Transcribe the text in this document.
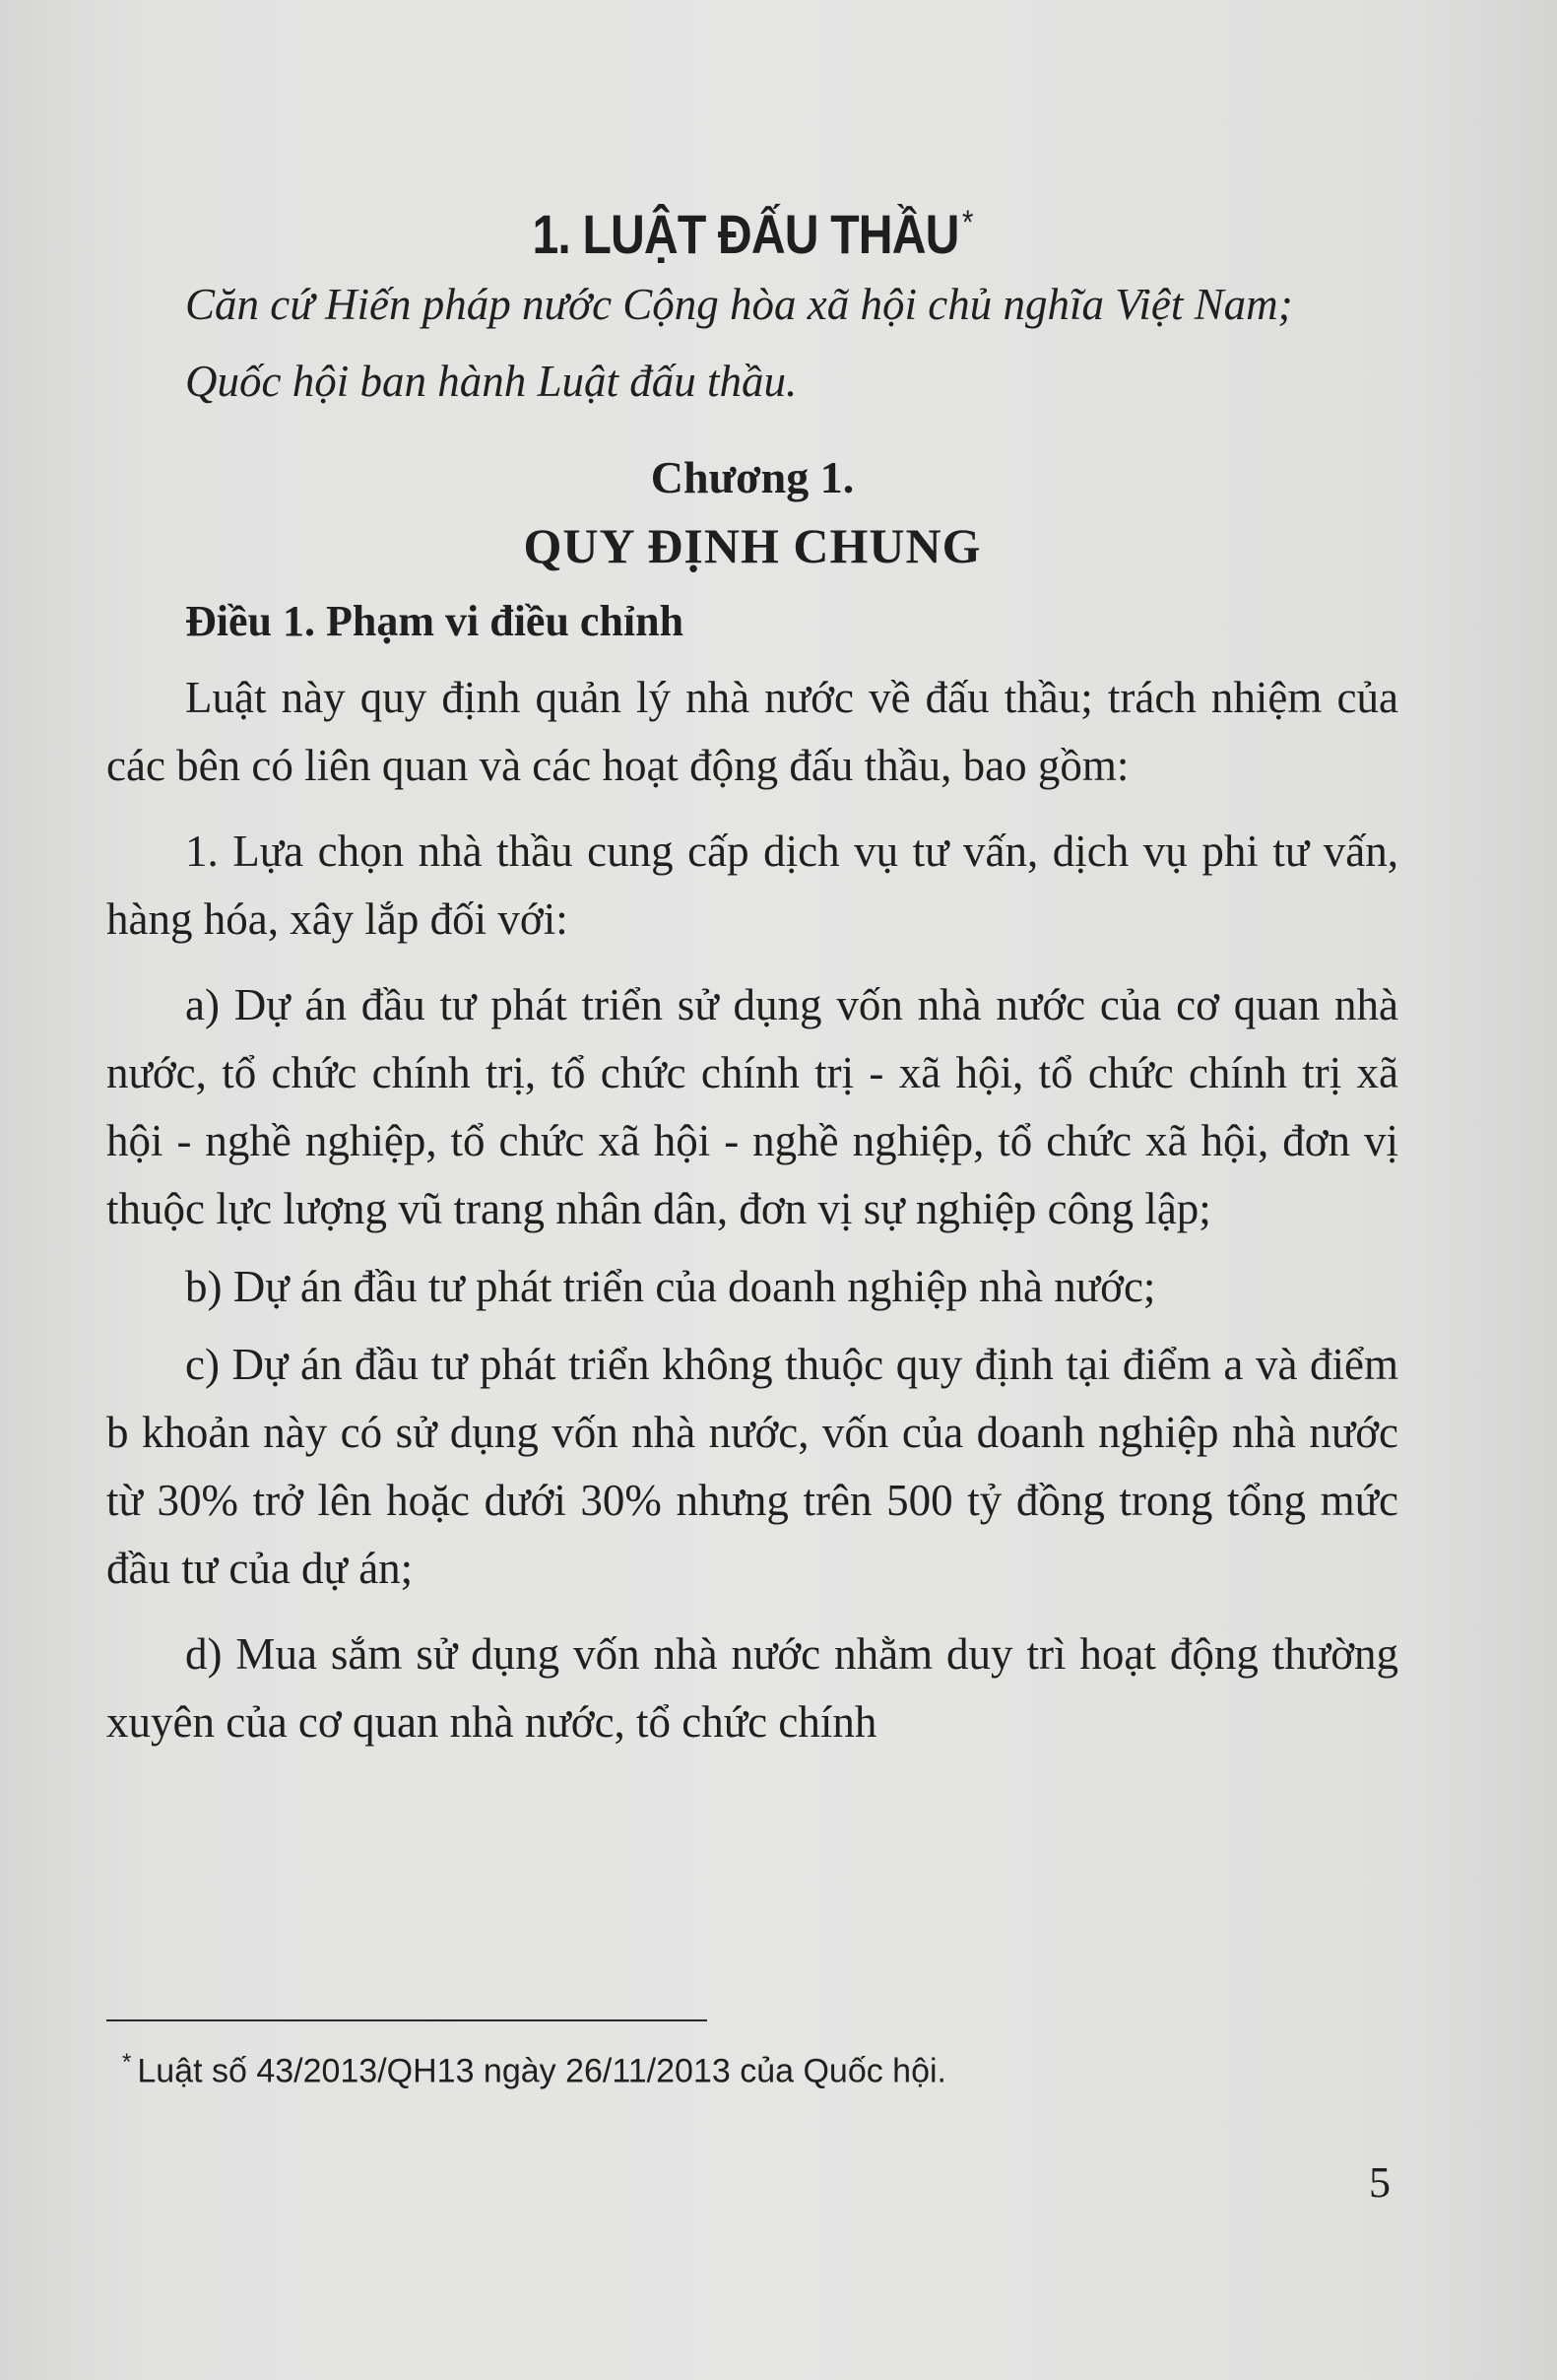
1. LUẬT ĐẤU THẦU *

Căn cứ Hiến pháp nước Cộng hòa xã hội chủ nghĩa Việt Nam;

Quốc hội ban hành Luật đấu thầu.

Chương 1.
QUY ĐỊNH CHUNG
Điều 1. Phạm vi điều chỉnh

Luật này quy định quản lý nhà nước về đấu thầu; trách nhiệm của các bên có liên quan và các hoạt động đấu thầu, bao gồm:

1. Lựa chọn nhà thầu cung cấp dịch vụ tư vấn, dịch vụ phi tư vấn, hàng hóa, xây lắp đối với:

a) Dự án đầu tư phát triển sử dụng vốn nhà nước của cơ quan nhà nước, tổ chức chính trị, tổ chức chính trị - xã hội, tổ chức chính trị xã hội - nghề nghiệp, tổ chức xã hội - nghề nghiệp, tổ chức xã hội, đơn vị thuộc lực lượng vũ trang nhân dân, đơn vị sự nghiệp công lập;

b) Dự án đầu tư phát triển của doanh nghiệp nhà nước;

c) Dự án đầu tư phát triển không thuộc quy định tại điểm a và điểm b khoản này có sử dụng vốn nhà nước, vốn của doanh nghiệp nhà nước từ 30% trở lên hoặc dưới 30% nhưng trên 500 tỷ đồng trong tổng mức đầu tư của dự án;

d) Mua sắm sử dụng vốn nhà nước nhằm duy trì hoạt động thường xuyên của cơ quan nhà nước, tổ chức chính

* Luật số 43/2013/QH13 ngày 26/11/2013 của Quốc hội.
5
